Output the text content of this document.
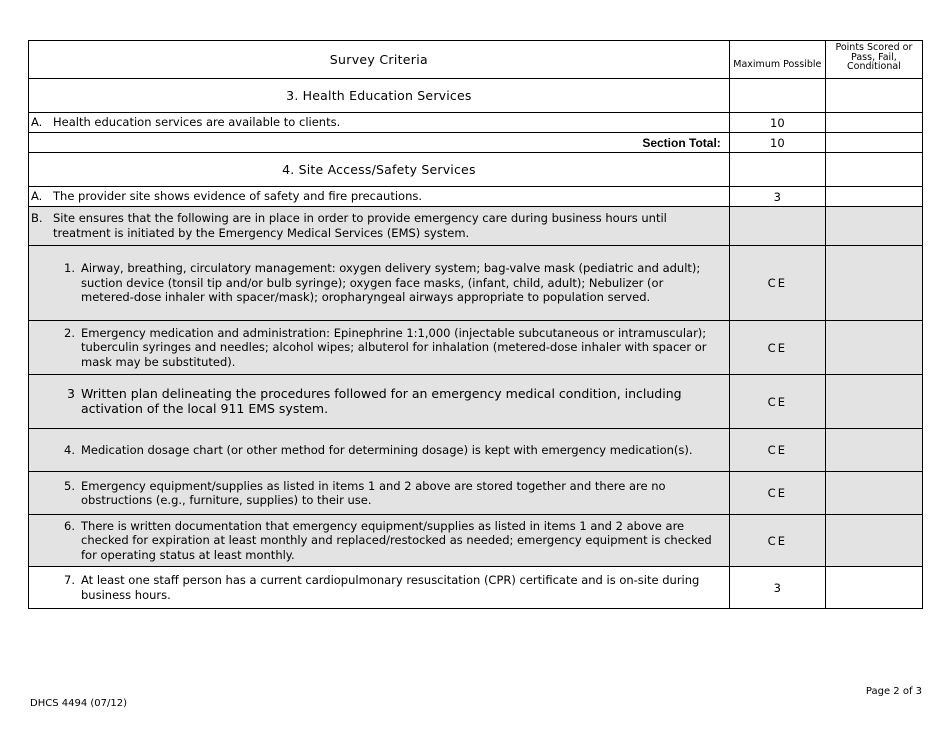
Survey Criteria	Maximum Possible	Points Scored or Pass, Fail, Conditional
3. Health Education Services		
A. Health education services are available to clients.	10	
Section Total:	10	
4. Site Access/Safety Services		
A. The provider site shows evidence of safety and fire precautions.	3	

B. Site ensures that the following are in place in order to provide emergency care during business hours until treatment is initiated by the Emergency Medical Services (EMS) system.		

1. Airway, breathing, circulatory management: oxygen delivery system; bag-valve mask (pediatric and adult); suction device (tonsil tip and/or bulb syringe); oxygen face masks, (infant, child, adult); Nebulizer (or metered-dose inhaler with spacer/mask); oropharyngeal airways appropriate to population served.	CE	

2. Emergency medication and administration: Epinephrine 1:1,000 (injectable subcutaneous or intramuscular); tuberculin syringes and needles; alcohol wipes; albuterol for inhalation (metered-dose inhaler with spacer or mask may be substituted).	CE	

3 Written plan delineating the procedures followed for an emergency medical condition, including activation of the local 911 EMS system.	CE	

4. Medication dosage chart (or other method for determining dosage) is kept with emergency medication(s).	CE	

5. Emergency equipment/supplies as listed in items 1 and 2 above are stored together and there are no obstructions (e.g., furniture, supplies) to their use.	CE	

6. There is written documentation that emergency equipment/supplies as listed in items 1 and 2 above are checked for expiration at least monthly and replaced/restocked as needed; emergency equipment is checked for operating status at least monthly.	CE	

7. At least one staff person has a current cardiopulmonary resuscitation (CPR) certificate and is on-site during business hours.	3	
DHCS 4494 (07/12)
Page 2 of 3
